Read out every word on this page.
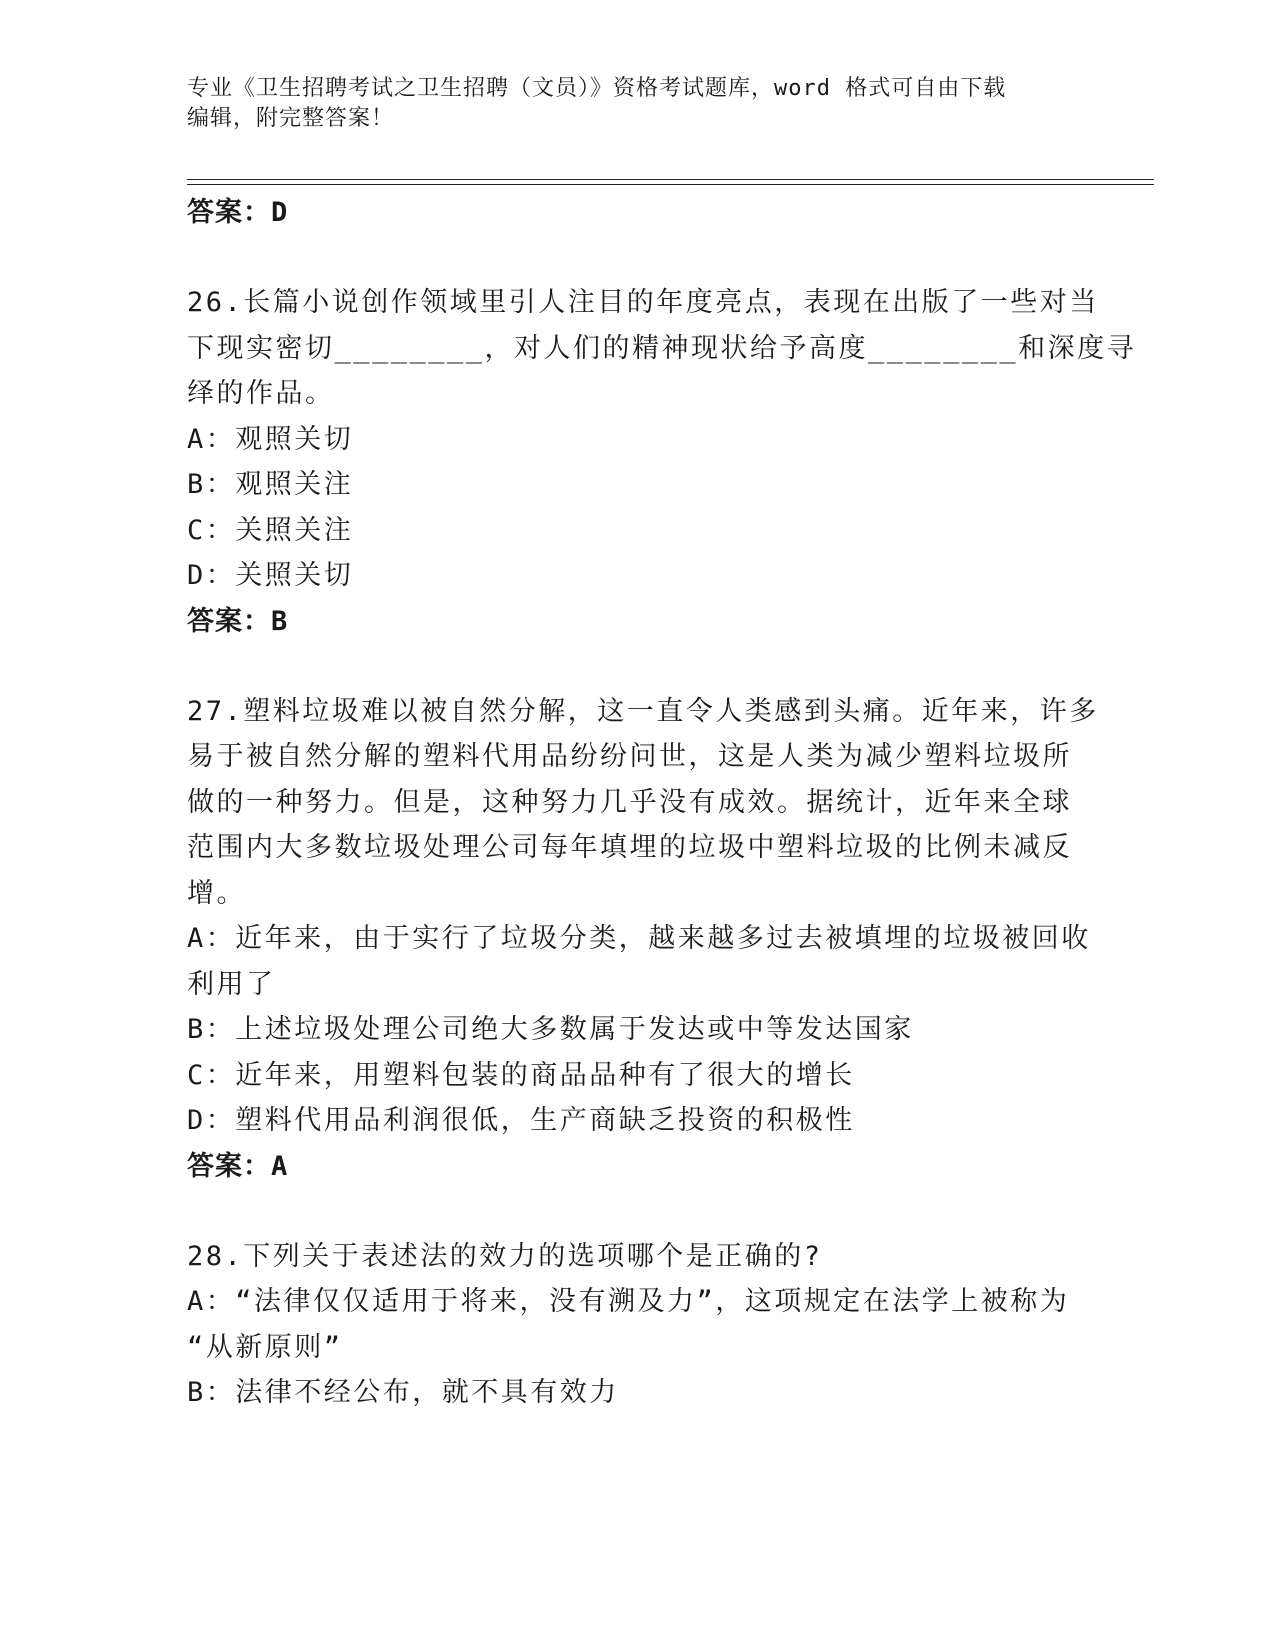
专业《卫生招聘考试之卫生招聘（文员）》资格考试题库，word 格式可自由下载
编辑，附完整答案！
答案：D
26.长篇小说创作领域里引人注目的年度亮点，表现在出版了一些对当
下现实密切________，对人们的精神现状给予高度________和深度寻
绎的作品。
A：观照关切
B：观照关注
C：关照关注
D：关照关切
答案：B
27.塑料垃圾难以被自然分解，这一直令人类感到头痛。近年来，许多
易于被自然分解的塑料代用品纷纷问世，这是人类为减少塑料垃圾所
做的一种努力。但是，这种努力几乎没有成效。据统计，近年来全球
范围内大多数垃圾处理公司每年填埋的垃圾中塑料垃圾的比例未减反
增。
A：近年来，由于实行了垃圾分类，越来越多过去被填埋的垃圾被回收
利用了
B：上述垃圾处理公司绝大多数属于发达或中等发达国家
C：近年来，用塑料包装的商品品种有了很大的增长
D：塑料代用品利润很低，生产商缺乏投资的积极性
答案：A
28.下列关于表述法的效力的选项哪个是正确的?
A：“法律仅仅适用于将来，没有溯及力”，这项规定在法学上被称为
“从新原则”
B：法律不经公布，就不具有效力
